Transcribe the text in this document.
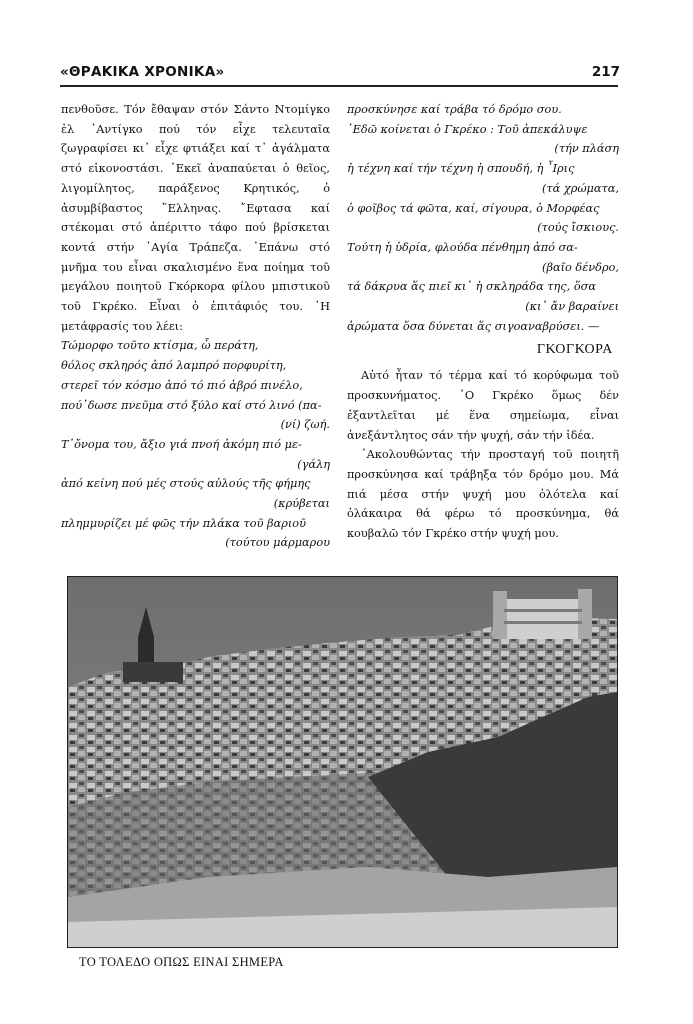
«ΘΡΑΚΙΚΑ ΧΡΟΝΙΚΑ»	217

πενθοῦσε. Τόν ἔθαψαν στόν Σάντο Ντομίγκο ἐλ ᾽Αντίγκο πού τόν εἶχε τελευταῖα ζωγραφίσει κι᾽ εἶχε φτιάξει καί τ᾽ ἀγάλματα στό εἰκονοστάσι. ᾽Εκεῖ ἀναπαύεται ὁ θεῖος, λιγομίλητος, παράξενος Κρητικός, ὁ ἀσυμβίβαστος ῞Ελληνας. ῎Εφτασα καί στέκομαι στό ἀπέριττο τάφο πού βρίσκεται κοντά στήν ῾Αγία Τράπεζα. ᾽Επάνω στό μνῆμα του εἶναι σκαλισμένο ἕνα ποίημα τοῦ μεγάλου ποιητοῦ Γκόρκορα φίλου μπιστικοῦ τοῦ Γκρέκο. Εἶναι ὁ ἐπιτάφιός του. ῾Η μετάφρασίς του λέει:

Τώμορφο τοῦτο κτίσμα, ὦ περάτη,
θόλος σκληρός ἀπό λαμπρό πορφυρίτη,
στερεῖ τόν κόσμο ἀπό τό πιό ἁβρό πινέλο,
πού᾽δωσε πνεῦμα στό ξύλο καί στό λινό (πα-
(νί) ζωή.
Τ᾽ὄνομα του, ἄξιο γιά πνοή ἀκόμη πιό με-
(γάλη
ἀπό κείνη πού μές στούς αὐλούς τῆς φήμης
(κρύβεται
πλημμυρίζει μέ φῶς τήν πλάκα τοῦ βαριοῦ
(τούτου μάρμαρου
προσκύνησε καί τράβα τό δρόμο σου.
᾽Εδῶ κοίνεται ὁ Γκρέκο : Τοῦ ἀπεκάλυψε
(τήν πλάση
ἡ τέχνη καί τήν τέχνη ἡ σπουδή, ἡ ῏Ιρις
(τά χρώματα,
ὁ φοῖβος τά φῶτα, καί, σίγουρα, ὁ Μορφέας
(τούς ἴσκιους.
Τούτη ἡ ὑδρία, φλούδα πένθημη ἀπό σα-
(βαῖο δένδρο,
τά δάκρυα ἅς πιεῖ κι᾽ ἡ σκληράδα της, ὅσα
(κι᾽ ἄν βαραίνει
ἀρώματα ὅσα δύνεται ἅς σιγοαναβρύσει. —
ΓΚΟΓΚΟΡΑ

Αὐτό ἦταν τό τέρμα καί τό κορύφωμα τοῦ προσκυνήματος. ῾Ο Γκρέκο ὅμως δέν ἐξαντλεῖται μέ ἕνα σημείωμα, εἶναι ἀνεξάντλητος σάν τήν ψυχή, σάν τήν ἰδέα.

᾽Ακολουθώντας τήν προσταγή τοῦ ποιητῆ προσκύνησα καί τράβηξα τόν δρόμο μου. Μά πιά μέσα στήν ψυχή μου ὁλότελα καί ὁλάκαιρα θά φέρω τό προσκύνημα, θά κουβαλῶ τόν Γκρέκο στήν ψυχή μου.

ΤΟ ΤΟΛΕΔΟ ΟΠΩΣ ΕΙΝΑΙ ΣΗΜΕΡΑ
